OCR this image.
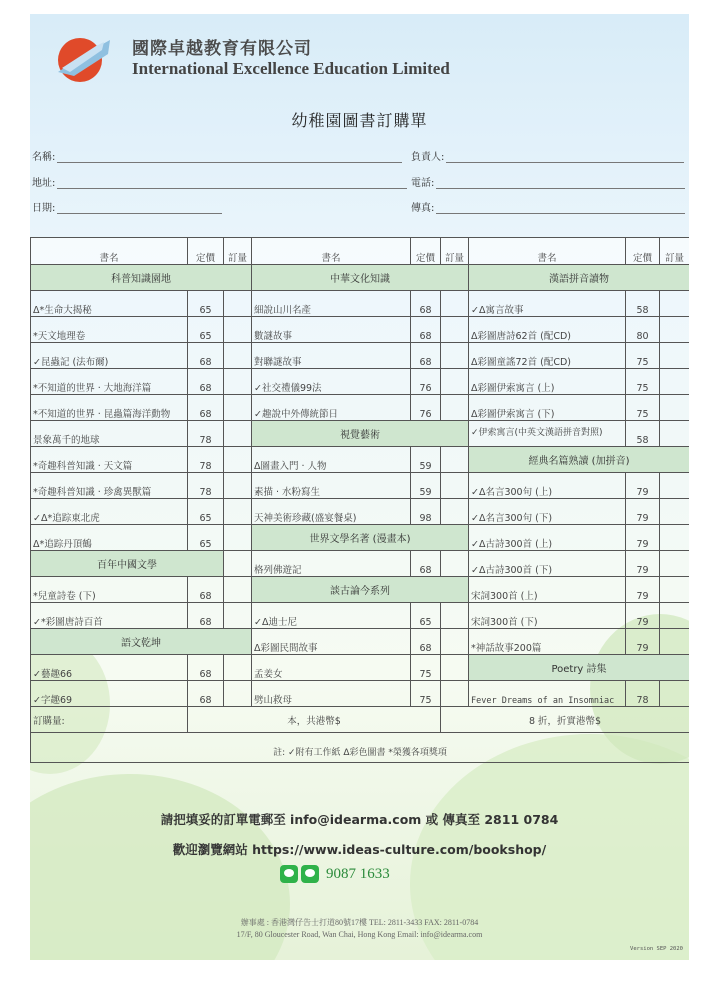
國際卓越教育有限公司
International Excellence Education Limited
幼稚園圖書訂購單
名稱:	負責人:
地址:	電話:
日期:	傳真:
書名	定價	訂量	書名	定價	訂量	書名	定價	訂量
科普知識園地			中華文化知識			漢語拼音讀物		
Δ*生命大揭秘	65		細說山川名產	68		✓Δ寓言故事	58	
*天文地理卷	65		數謎故事	68		Δ彩圖唐詩62首 (配CD)	80	
✓昆蟲記 (法布爾)	68		對聯謎故事	68		Δ彩圖童謠72首 (配CD)	75	
*不知道的世界 · 大地海洋篇	68		✓社交禮儀99法	76		Δ彩圖伊索寓言 (上)	75	
*不知道的世界 · 昆蟲篇海洋動物	68		✓趣說中外傳統節日	76		Δ彩圖伊索寓言 (下)	75	
景象萬千的地球	78		視覺藝術			✓伊索寓言(中英文漢語拼音對照)	58	
*奇趣科普知識 · 天文篇	78		Δ圖畫入門 · 人物	59		經典名篇熟讀 (加拼音)		
*奇趣科普知識 · 珍禽異獸篇	78		素描 · 水粉寫生	59		✓Δ名言300句 (上)	79	
✓Δ*追踪東北虎	65		天神美術珍藏(盛宴餐桌)	98		✓Δ名言300句 (下)	79	
Δ*追踪丹頂鶴	65		世界文學名著 (漫畫本)			✓Δ古詩300首 (上)	79	
百年中國文學			格列佛遊記	68		✓Δ古詩300首 (下)	79	
*兒童詩卷 (下)	68		談古論今系列			宋詞300首 (上)	79	
✓*彩圖唐詩百首	68		✓Δ迪士尼	65		宋詞300首 (下)	79	
語文乾坤			Δ彩圖民間故事	68		*神話故事200篇	79	
✓藝趣66	68		孟姜女	75		Poetry 詩集		
✓字趣69	68		劈山救母	75		Fever Dreams of an Insomniac	78	
訂購量:	本，共港幣$				8 折，折實港幣$			
註: ✓附有工作紙 Δ彩色圖書 *榮獲各項獎項								
請把填妥的訂單電郵至 info@idearma.com 或 傳真至 2811 0784
歡迎瀏覽網站 https://www.ideas-culture.com/bookshop/
9087 1633
辦事處 : 香港灣仔告士打道80號17樓 TEL: 2811-3433 FAX: 2811-0784
17/F, 80 Gloucester Road, Wan Chai, Hong Kong Email: info@idearma.com
Version SEP 2020
